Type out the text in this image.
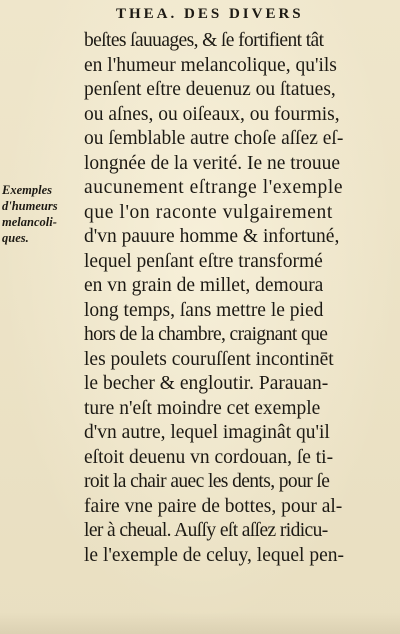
THEA. DES DIVERS
Exemples
d'humeurs
melancoli-
ques.
beſtes ſauuages, & ſe fortifient tât
en l'humeur melancolique, qu'ils
penſent eſtre deuenuz ou ſtatues,
ou aſnes, ou oiſeaux, ou fourmis,
ou ſemblable autre choſe aſſez eſ-
longnée de la verité. Ie ne trouue
aucunement eſtrange l'exemple
que l'on raconte vulgairement
d'vn pauure homme & infortuné,
lequel penſant eſtre transformé
en vn grain de millet, demoura
long temps, ſans mettre le pied
hors de la chambre, craignant que
les poulets couruſſent incontinēt
le becher & engloutir. Parauan-
ture n'eſt moindre cet exemple
d'vn autre, lequel imaginât qu'il
eſtoit deuenu vn cordouan, ſe ti-
roit la chair auec les dents, pour ſe
faire vne paire de bottes, pour al-
ler à cheual. Auſſy eſt aſſez ridicu-
le l'exemple de celuy, lequel pen-
